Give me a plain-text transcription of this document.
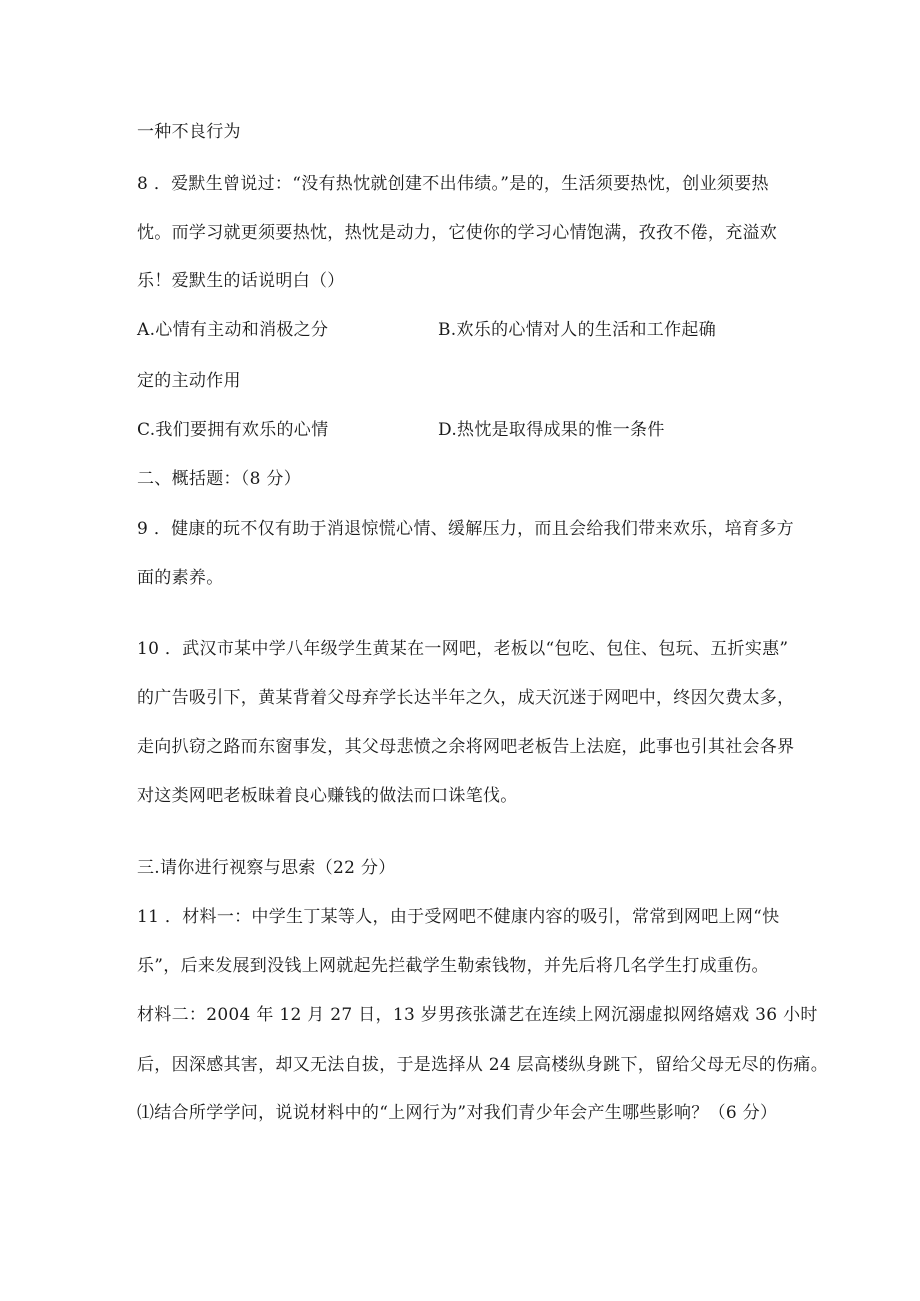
一种不良行为
8 ．爱默生曾说过：“没有热忱就创建不出伟绩。”是的，生活须要热忱，创业须要热
忱。而学习就更须要热忱，热忱是动力，它使你的学习心情饱满，孜孜不倦，充溢欢
乐！爱默生的话说明白（）
A.心情有主动和消极之分	B.欢乐的心情对人的生活和工作起确
定的主动作用
C.我们要拥有欢乐的心情	D.热忱是取得成果的惟一条件
二、概括题：（8 分）
9 ．健康的玩不仅有助于消退惊慌心情、缓解压力，而且会给我们带来欢乐，培育多方
面的素养。
10 ．武汉市某中学八年级学生黄某在一网吧，老板以“包吃、包住、包玩、五折实惠”
的广告吸引下，黄某背着父母弃学长达半年之久，成天沉迷于网吧中，终因欠费太多，
走向扒窃之路而东窗事发，其父母悲愤之余将网吧老板告上法庭，此事也引其社会各界
对这类网吧老板昧着良心赚钱的做法而口诛笔伐。
三.请你进行视察与思索（22 分）
11 ．材料一：中学生丁某等人，由于受网吧不健康内容的吸引，常常到网吧上网“快
乐”，后来发展到没钱上网就起先拦截学生勒索钱物，并先后将几名学生打成重伤。
材料二：2004 年 12 月 27 日，13 岁男孩张潇艺在连续上网沉溺虚拟网络嬉戏 36 小时
后，因深感其害，却又无法自拔，于是选择从 24 层高楼纵身跳下，留给父母无尽的伤痛。
⑴结合所学学问，说说材料中的“上网行为”对我们青少年会产生哪些影响？（6 分）
